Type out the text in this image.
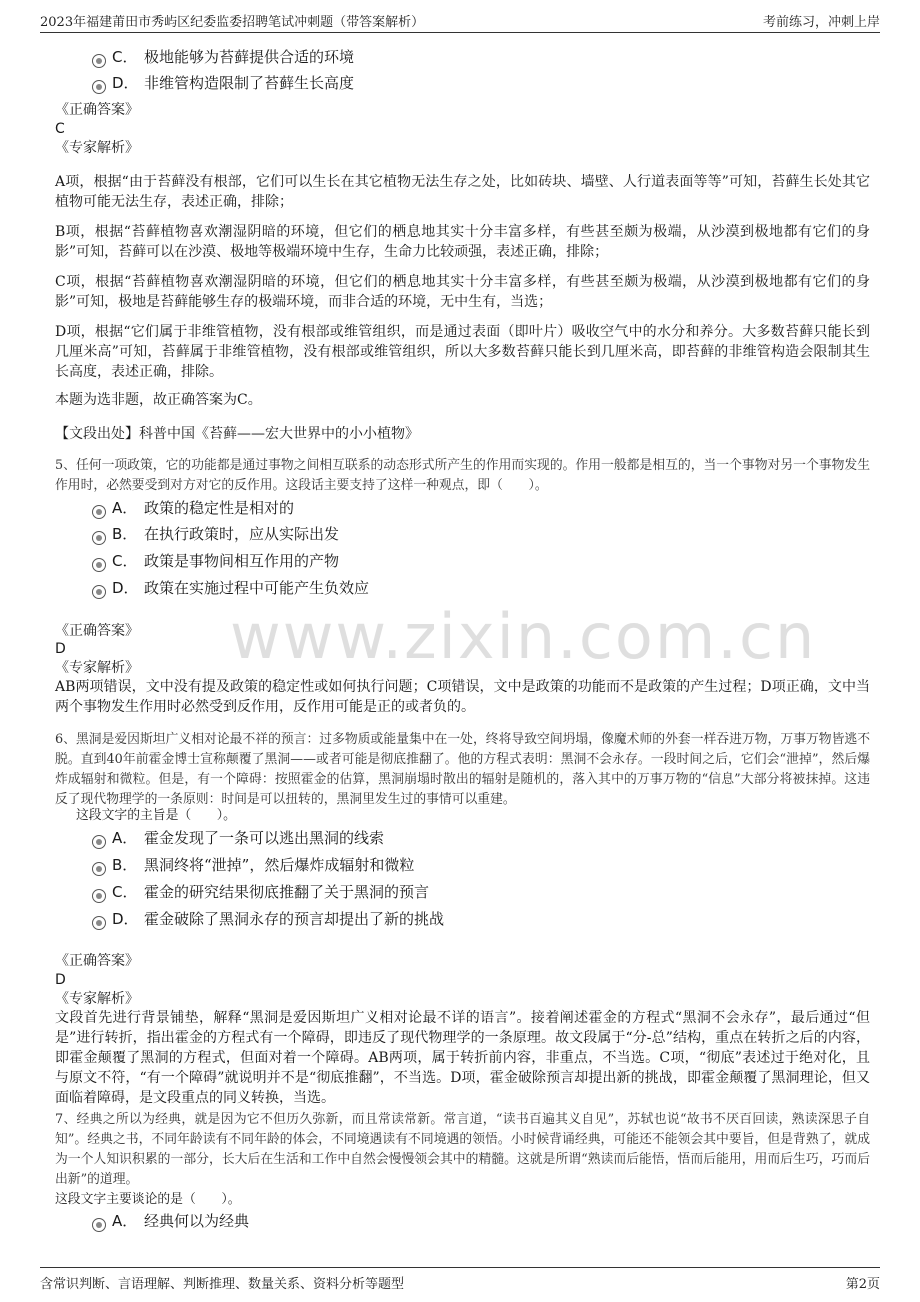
2023年福建莆田市秀屿区纪委监委招聘笔试冲刺题（带答案解析）	考前练习，冲刺上岸
www.zixin.com.cn
C． 极地能够为苔藓提供合适的环境
D． 非维管构造限制了苔藓生长高度
《正确答案》
C
《专家解析》
A项，根据“由于苔藓没有根部，它们可以生长在其它植物无法生存之处，比如砖块、墙壁、人行道表面等等”可知，苔藓生长处其它植物可能无法生存，表述正确，排除；
B项，根据“苔藓植物喜欢潮湿阴暗的环境，但它们的栖息地其实十分丰富多样，有些甚至颇为极端，从沙漠到极地都有它们的身影”可知，苔藓可以在沙漠、极地等极端环境中生存，生命力比较顽强，表述正确，排除；
C项，根据“苔藓植物喜欢潮湿阴暗的环境，但它们的栖息地其实十分丰富多样，有些甚至颇为极端，从沙漠到极地都有它们的身影”可知，极地是苔藓能够生存的极端环境，而非合适的环境，无中生有，当选；
D项，根据“它们属于非维管植物，没有根部或维管组织，而是通过表面（即叶片）吸收空气中的水分和养分。大多数苔藓只能长到几厘米高”可知，苔藓属于非维管植物，没有根部或维管组织，所以大多数苔藓只能长到几厘米高，即苔藓的非维管构造会限制其生长高度，表述正确，排除。
本题为选非题，故正确答案为C。
【文段出处】科普中国《苔藓——宏大世界中的小小植物》
5、任何一项政策，它的功能都是通过事物之间相互联系的动态形式所产生的作用而实现的。作用一般都是相互的，当一个事物对另一个事物发生作用时，必然要受到对方对它的反作用。这段话主要支持了这样一种观点，即（　　）。
A． 政策的稳定性是相对的
B． 在执行政策时，应从实际出发
C． 政策是事物间相互作用的产物
D． 政策在实施过程中可能产生负效应
《正确答案》
D
《专家解析》
AB两项错误，文中没有提及政策的稳定性或如何执行问题；C项错误，文中是政策的功能而不是政策的产生过程；D项正确，文中当两个事物发生作用时必然受到反作用，反作用可能是正的或者负的。
6、黑洞是爱因斯坦广义相对论最不祥的预言：过多物质或能量集中在一处，终将导致空间坍塌，像魔术师的外套一样吞进万物，万事万物皆逃不脱。直到40年前霍金博士宣称颠覆了黑洞——或者可能是彻底推翻了。他的方程式表明：黑洞不会永存。一段时间之后，它们会“泄掉”，然后爆炸成辐射和微粒。但是，有一个障碍：按照霍金的估算，黑洞崩塌时散出的辐射是随机的，落入其中的万事万物的“信息”大部分将被抹掉。这违反了现代物理学的一条原则：时间是可以扭转的，黑洞里发生过的事情可以重建。
这段文字的主旨是（　　）。
A． 霍金发现了一条可以逃出黑洞的线索
B． 黑洞终将“泄掉”，然后爆炸成辐射和微粒
C． 霍金的研究结果彻底推翻了关于黑洞的预言
D． 霍金破除了黑洞永存的预言却提出了新的挑战
《正确答案》
D
《专家解析》
文段首先进行背景铺垫，解释“黑洞是爱因斯坦广义相对论最不详的语言”。接着阐述霍金的方程式“黑洞不会永存”，最后通过“但是”进行转折，指出霍金的方程式有一个障碍，即违反了现代物理学的一条原理。故文段属于“分-总”结构，重点在转折之后的内容，即霍金颠覆了黑洞的方程式，但面对着一个障碍。AB两项，属于转折前内容，非重点，不当选。C项，“彻底”表述过于绝对化，且与原文不符，“有一个障碍”就说明并不是“彻底推翻”，不当选。D项，霍金破除预言却提出新的挑战，即霍金颠覆了黑洞理论，但又面临着障碍，是文段重点的同义转换，当选。
7、经典之所以为经典，就是因为它不但历久弥新，而且常读常新。常言道，“读书百遍其义自见”，苏轼也说“故书不厌百回读，熟读深思子自知”。经典之书，不同年龄读有不同年龄的体会，不同境遇读有不同境遇的领悟。小时候背诵经典，可能还不能领会其中要旨，但是背熟了，就成为一个人知识积累的一部分，长大后在生活和工作中自然会慢慢领会其中的精髓。这就是所谓“熟读而后能悟，悟而后能用，用而后生巧，巧而后出新”的道理。
这段文字主要谈论的是（　　）。
A． 经典何以为经典
含常识判断、言语理解、判断推理、数量关系、资料分析等题型	第2页
